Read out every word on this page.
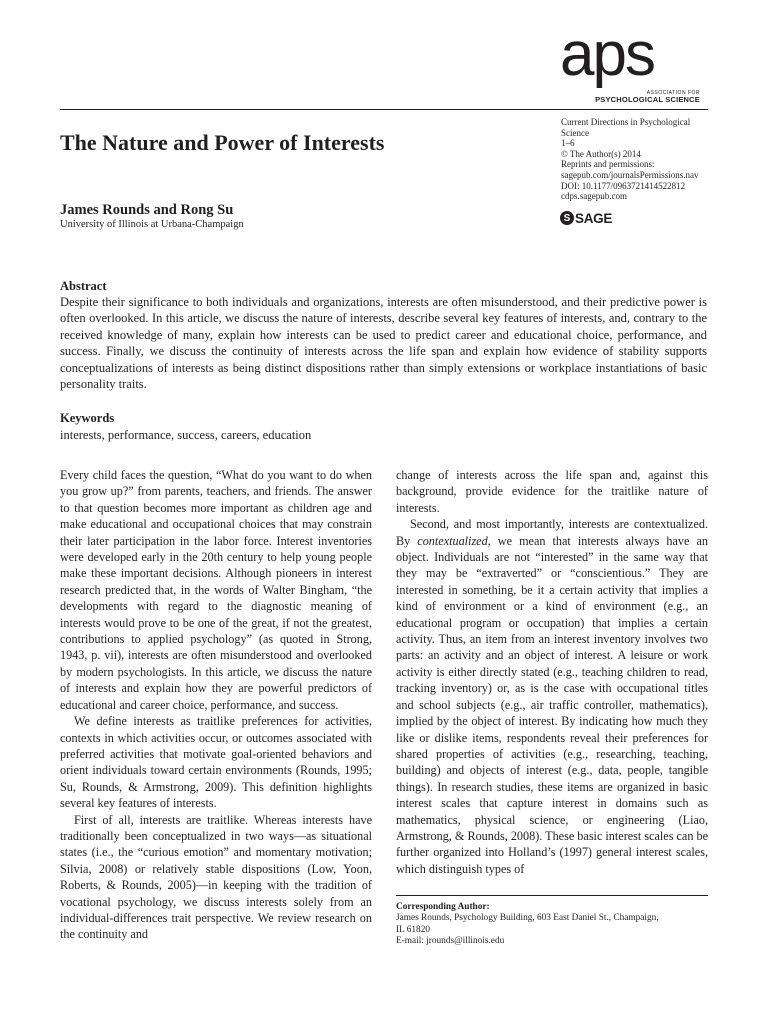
aps
ASSOCIATION FOR
PSYCHOLOGICAL SCIENCE
The Nature and Power of Interests
James Rounds and Rong Su
University of Illinois at Urbana-Champaign
Current Directions in Psychological
Science
1–6
© The Author(s) 2014
Reprints and permissions:
sagepub.com/journalsPermissions.nav
DOI: 10.1177/0963721414522812
cdps.sagepub.com
S SAGE
Abstract

Despite their significance to both individuals and organizations, interests are often misunderstood, and their predictive power is often overlooked. In this article, we discuss the nature of interests, describe several key features of interests, and, contrary to the received knowledge of many, explain how interests can be used to predict career and educational choice, performance, and success. Finally, we discuss the continuity of interests across the life span and explain how evidence of stability supports conceptualizations of interests as being distinct dispositions rather than simply extensions or workplace instantiations of basic personality traits.

Keywords
interests, performance, success, careers, education

Every child faces the question, “What do you want to do when you grow up?” from parents, teachers, and friends. The answer to that question becomes more important as children age and make educational and occupational choices that may constrain their later participation in the labor force. Interest inventories were developed early in the 20th century to help young people make these important decisions. Although pioneers in interest research predicted that, in the words of Walter Bingham, “the developments with regard to the diagnostic meaning of interests would prove to be one of the great, if not the greatest, contributions to applied psychology” (as quoted in Strong, 1943, p. vii), interests are often misunderstood and overlooked by modern psychologists. In this article, we discuss the nature of interests and explain how they are powerful predictors of educational and career choice, performance, and success.

We define interests as traitlike preferences for activities, contexts in which activities occur, or outcomes associated with preferred activities that motivate goal-oriented behaviors and orient individuals toward certain environments (Rounds, 1995; Su, Rounds, & Armstrong, 2009). This definition highlights several key features of interests.

First of all, interests are traitlike. Whereas interests have traditionally been conceptualized in two ways—as situational states (i.e., the “curious emotion” and momentary motivation; Silvia, 2008) or relatively stable dispositions (Low, Yoon, Roberts, & Rounds, 2005)—in keeping with the tradition of vocational psychology, we discuss interests solely from an individual-differences trait perspective. We review research on the continuity and

change of interests across the life span and, against this background, provide evidence for the traitlike nature of interests.

Second, and most importantly, interests are contextualized. By contextualized, we mean that interests always have an object. Individuals are not “interested” in the same way that they may be “extraverted” or “conscientious.” They are interested in something, be it a certain activity that implies a kind of environment or a kind of environment (e.g., an educational program or occupation) that implies a certain activity. Thus, an item from an interest inventory involves two parts: an activity and an object of interest. A leisure or work activity is either directly stated (e.g., teaching children to read, tracking inventory) or, as is the case with occupational titles and school subjects (e.g., air traffic controller, mathematics), implied by the object of interest. By indicating how much they like or dislike items, respondents reveal their preferences for shared properties of activities (e.g., researching, teaching, building) and objects of interest (e.g., data, people, tangible things). In research studies, these items are organized in basic interest scales that capture interest in domains such as mathematics, physical science, or engineering (Liao, Armstrong, & Rounds, 2008). These basic interest scales can be further organized into Holland’s (1997) general interest scales, which distinguish types of

Corresponding Author:
James Rounds, Psychology Building, 603 East Daniel St., Champaign,
IL 61820
E-mail: jrounds@illinois.edu
